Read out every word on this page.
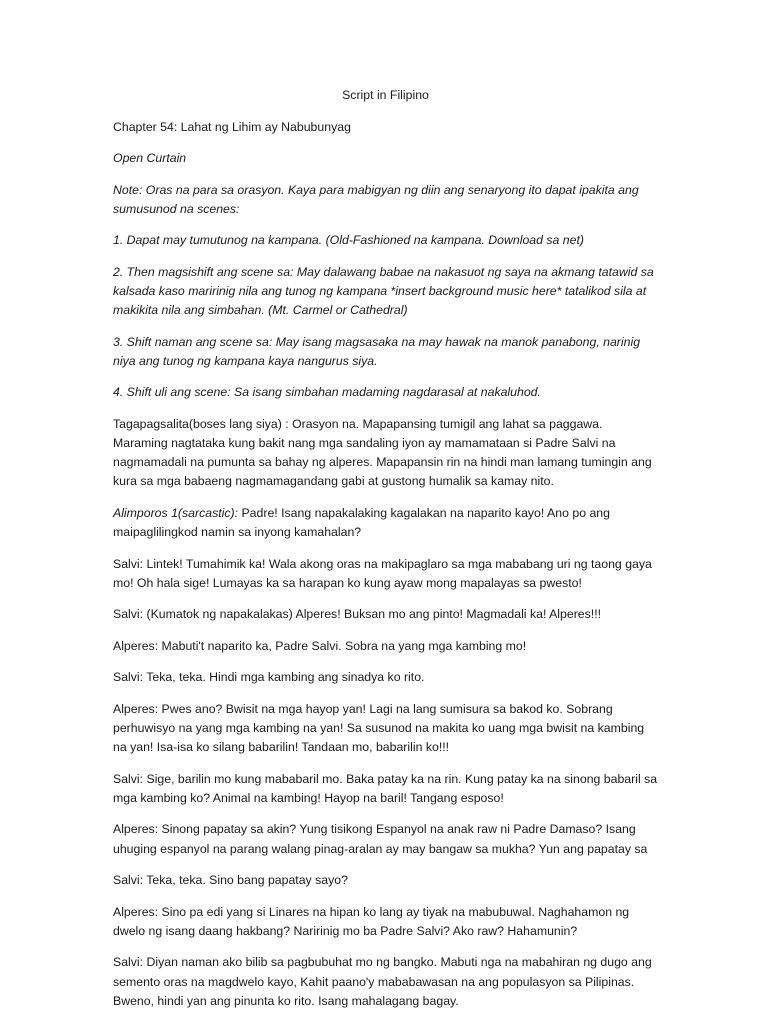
Script in Filipino

Chapter 54: Lahat ng Lihim ay Nabubunyag

Open Curtain

Note: Oras na para sa orasyon. Kaya para mabigyan ng diin ang senaryong ito dapat ipakita ang sumusunod na scenes:

1. Dapat may tumutunog na kampana. (Old-Fashioned na kampana. Download sa net)

2. Then magsishift ang scene sa: May dalawang babae na nakasuot ng saya na akmang tatawid sa kalsada kaso maririnig nila ang tunog ng kampana *insert background music here* tatalikod sila at makikita nila ang simbahan. (Mt. Carmel or Cathedral)

3. Shift naman ang scene sa: May isang magsasaka na may hawak na manok panabong, narinig niya ang tunog ng kampana kaya nangurus siya.

4. Shift uli ang scene: Sa isang simbahan madaming nagdarasal at nakaluhod.

Tagapagsalita(boses lang siya) : Orasyon na. Mapapansing tumigil ang lahat sa paggawa. Maraming nagtataka kung bakit nang mga sandaling iyon ay mamamataan si Padre Salvi na nagmamadali na pumunta sa bahay ng alperes. Mapapansin rin na hindi man lamang tumingin ang kura sa mga babaeng nagmamagandang gabi at gustong humalik sa kamay nito.

Alimporos 1(sarcastic): Padre! Isang napakalaking kagalakan na naparito kayo! Ano po ang maipaglilingkod namin sa inyong kamahalan?

Salvi: Lintek! Tumahimik ka! Wala akong oras na makipaglaro sa mga mababang uri ng taong gaya mo! Oh hala sige! Lumayas ka sa harapan ko kung ayaw mong mapalayas sa pwesto!

Salvi: (Kumatok ng napakalakas) Alperes! Buksan mo ang pinto! Magmadali ka! Alperes!!!

Alperes: Mabuti't naparito ka, Padre Salvi. Sobra na yang mga kambing mo!

Salvi: Teka, teka. Hindi mga kambing ang sinadya ko rito.

Alperes: Pwes ano? Bwisit na mga hayop yan! Lagi na lang sumisura sa bakod ko. Sobrang perhuwisyo na yang mga kambing na yan! Sa susunod na makita ko uang mga bwisit na kambing na yan! Isa-isa ko silang babarilin! Tandaan mo, babarilin ko!!!

Salvi: Sige, barilin mo kung mababaril mo. Baka patay ka na rin. Kung patay ka na sinong babaril sa mga kambing ko? Animal na kambing! Hayop na baril! Tangang esposo!

Alperes: Sinong papatay sa akin? Yung tisikong Espanyol na anak raw ni Padre Damaso? Isang uhuging espanyol na parang walang pinag-aralan ay may bangaw sa mukha? Yun ang papatay sa

Salvi: Teka, teka. Sino bang papatay sayo?

Alperes: Sino pa edi yang si Linares na hipan ko lang ay tiyak na mabubuwal. Naghahamon ng dwelo ng isang daang hakbang? Naririnig mo ba Padre Salvi? Ako raw? Hahamunin?

Salvi: Diyan naman ako bilib sa pagbubuhat mo ng bangko. Mabuti nga na mabahiran ng dugo ang semento oras na magdwelo kayo, Kahit paano'y mababawasan na ang populasyon sa Pilipinas. Bweno, hindi yan ang pinunta ko rito. Isang mahalagang bagay.
